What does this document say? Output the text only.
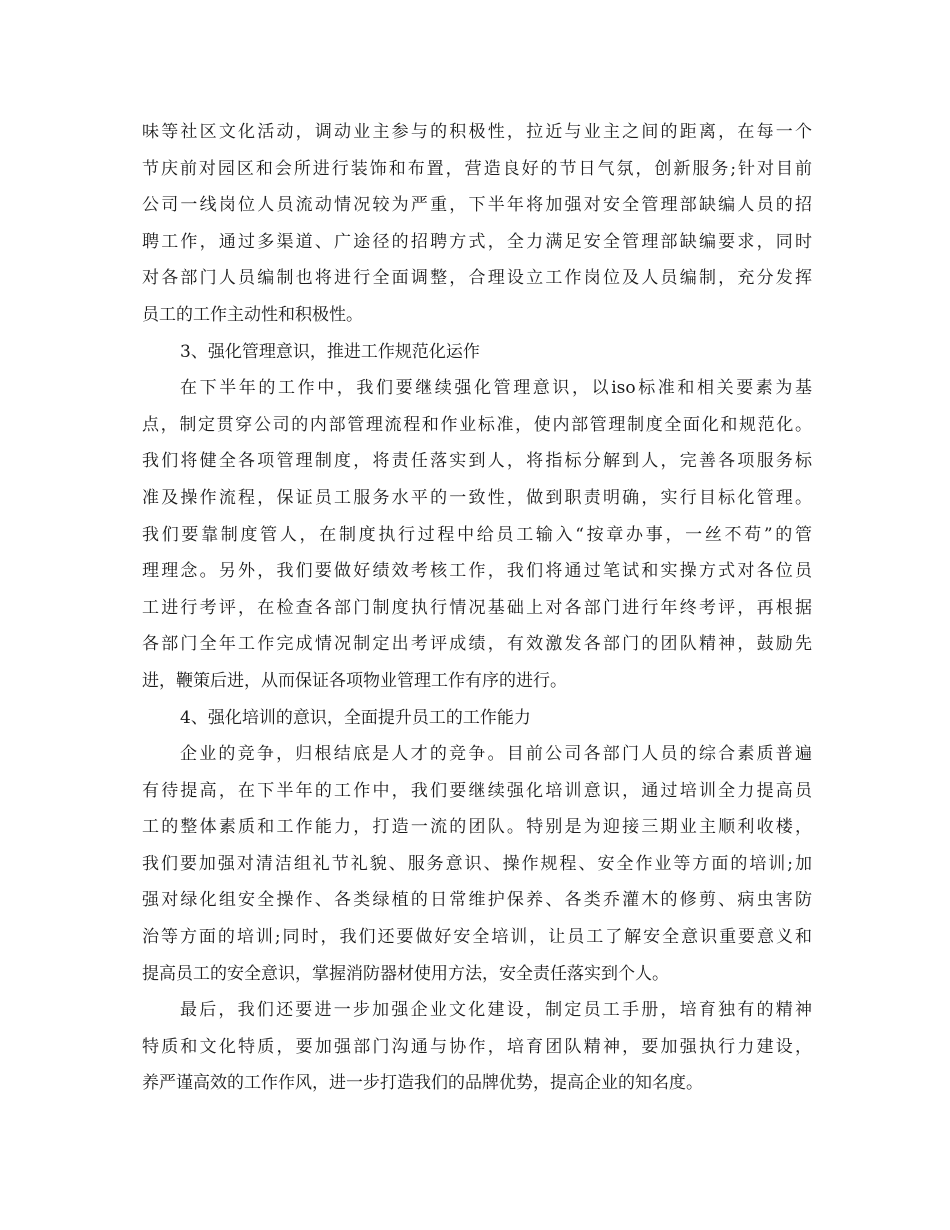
味等社区文化活动，调动业主参与的积极性，拉近与业主之间的距离，在每一个
节庆前对园区和会所进行装饰和布置，营造良好的节日气氛，创新服务;针对目前
公司一线岗位人员流动情况较为严重，下半年将加强对安全管理部缺编人员的招
聘工作，通过多渠道、广途径的招聘方式，全力满足安全管理部缺编要求，同时
对各部门人员编制也将进行全面调整，合理设立工作岗位及人员编制，充分发挥
员工的工作主动性和积极性。
3、强化管理意识，推进工作规范化运作
在下半年的工作中，我们要继续强化管理意识，以iso标准和相关要素为基
点，制定贯穿公司的内部管理流程和作业标准，使内部管理制度全面化和规范化。
我们将健全各项管理制度，将责任落实到人，将指标分解到人，完善各项服务标
准及操作流程，保证员工服务水平的一致性，做到职责明确，实行目标化管理。
我们要靠制度管人，在制度执行过程中给员工输入“按章办事，一丝不苟”的管
理理念。另外，我们要做好绩效考核工作，我们将通过笔试和实操方式对各位员
工进行考评，在检查各部门制度执行情况基础上对各部门进行年终考评，再根据
各部门全年工作完成情况制定出考评成绩，有效激发各部门的团队精神，鼓励先
进，鞭策后进，从而保证各项物业管理工作有序的进行。
4、强化培训的意识，全面提升员工的工作能力
企业的竞争，归根结底是人才的竞争。目前公司各部门人员的综合素质普遍
有待提高，在下半年的工作中，我们要继续强化培训意识，通过培训全力提高员
工的整体素质和工作能力，打造一流的团队。特别是为迎接三期业主顺利收楼，
我们要加强对清洁组礼节礼貌、服务意识、操作规程、安全作业等方面的培训;加
强对绿化组安全操作、各类绿植的日常维护保养、各类乔灌木的修剪、病虫害防
治等方面的培训;同时，我们还要做好安全培训，让员工了解安全意识重要意义和
提高员工的安全意识，掌握消防器材使用方法，安全责任落实到个人。
最后，我们还要进一步加强企业文化建设，制定员工手册，培育独有的精神
特质和文化特质，要加强部门沟通与协作，培育团队精神，要加强执行力建设，
养严谨高效的工作作风，进一步打造我们的品牌优势，提高企业的知名度。
